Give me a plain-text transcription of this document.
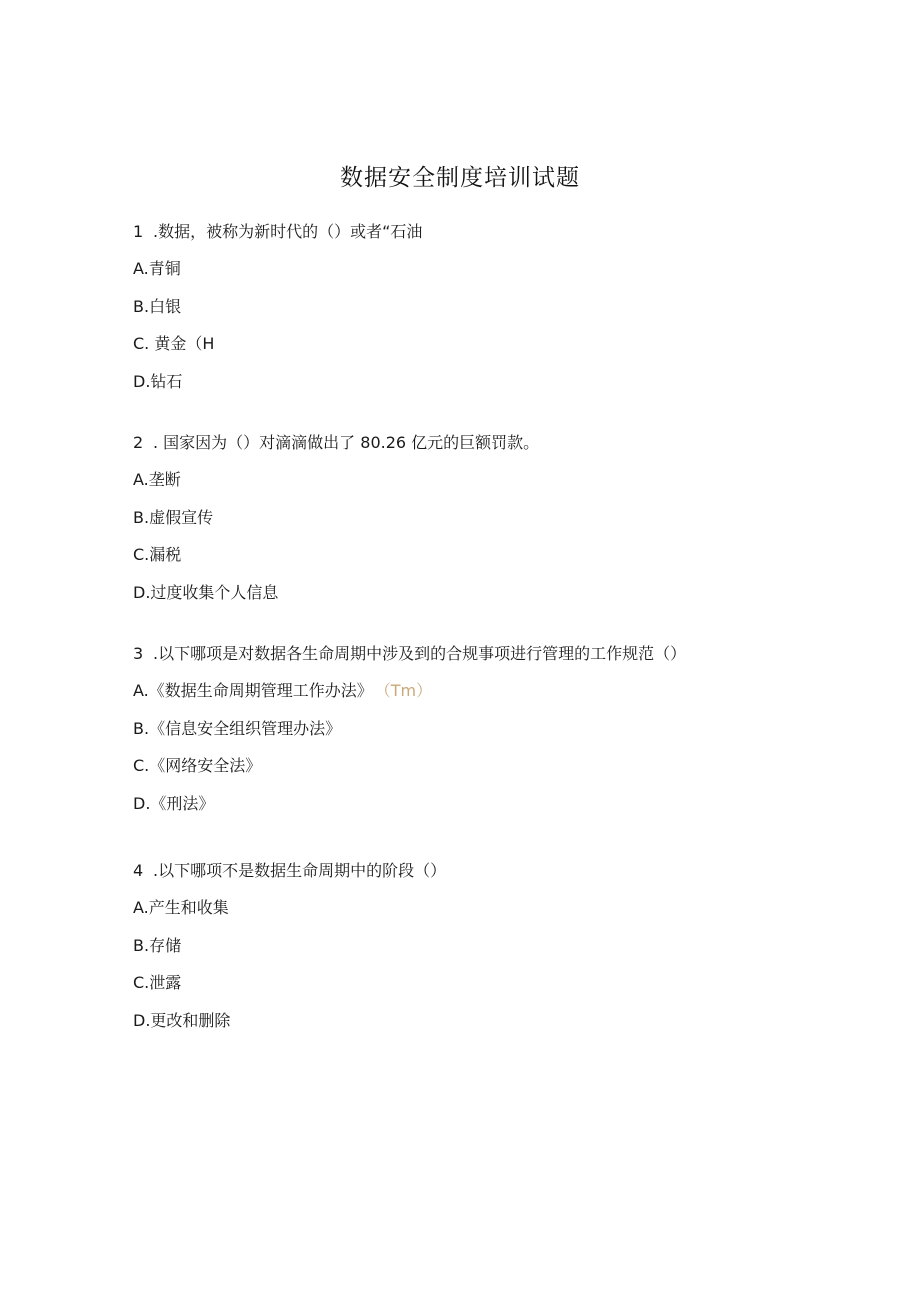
数据安全制度培训试题

1 .数据，被称为新时代的（）或者“石油

A.青铜

B.白银

C. 黄金（H

D.钻石

2 . 国家因为（）对滴滴做出了 80.26 亿元的巨额罚款。

A.垄断

B.虚假宣传

C.漏税

D.过度收集个人信息

3 .以下哪项是对数据各生命周期中涉及到的合规事项进行管理的工作规范（）

A.《数据生命周期管理工作办法》 （Tm）

B.《信息安全组织管理办法》

C.《网络安全法》

D.《刑法》

4 .以下哪项不是数据生命周期中的阶段（）

A.产生和收集

B.存储

C.泄露

D.更改和删除
